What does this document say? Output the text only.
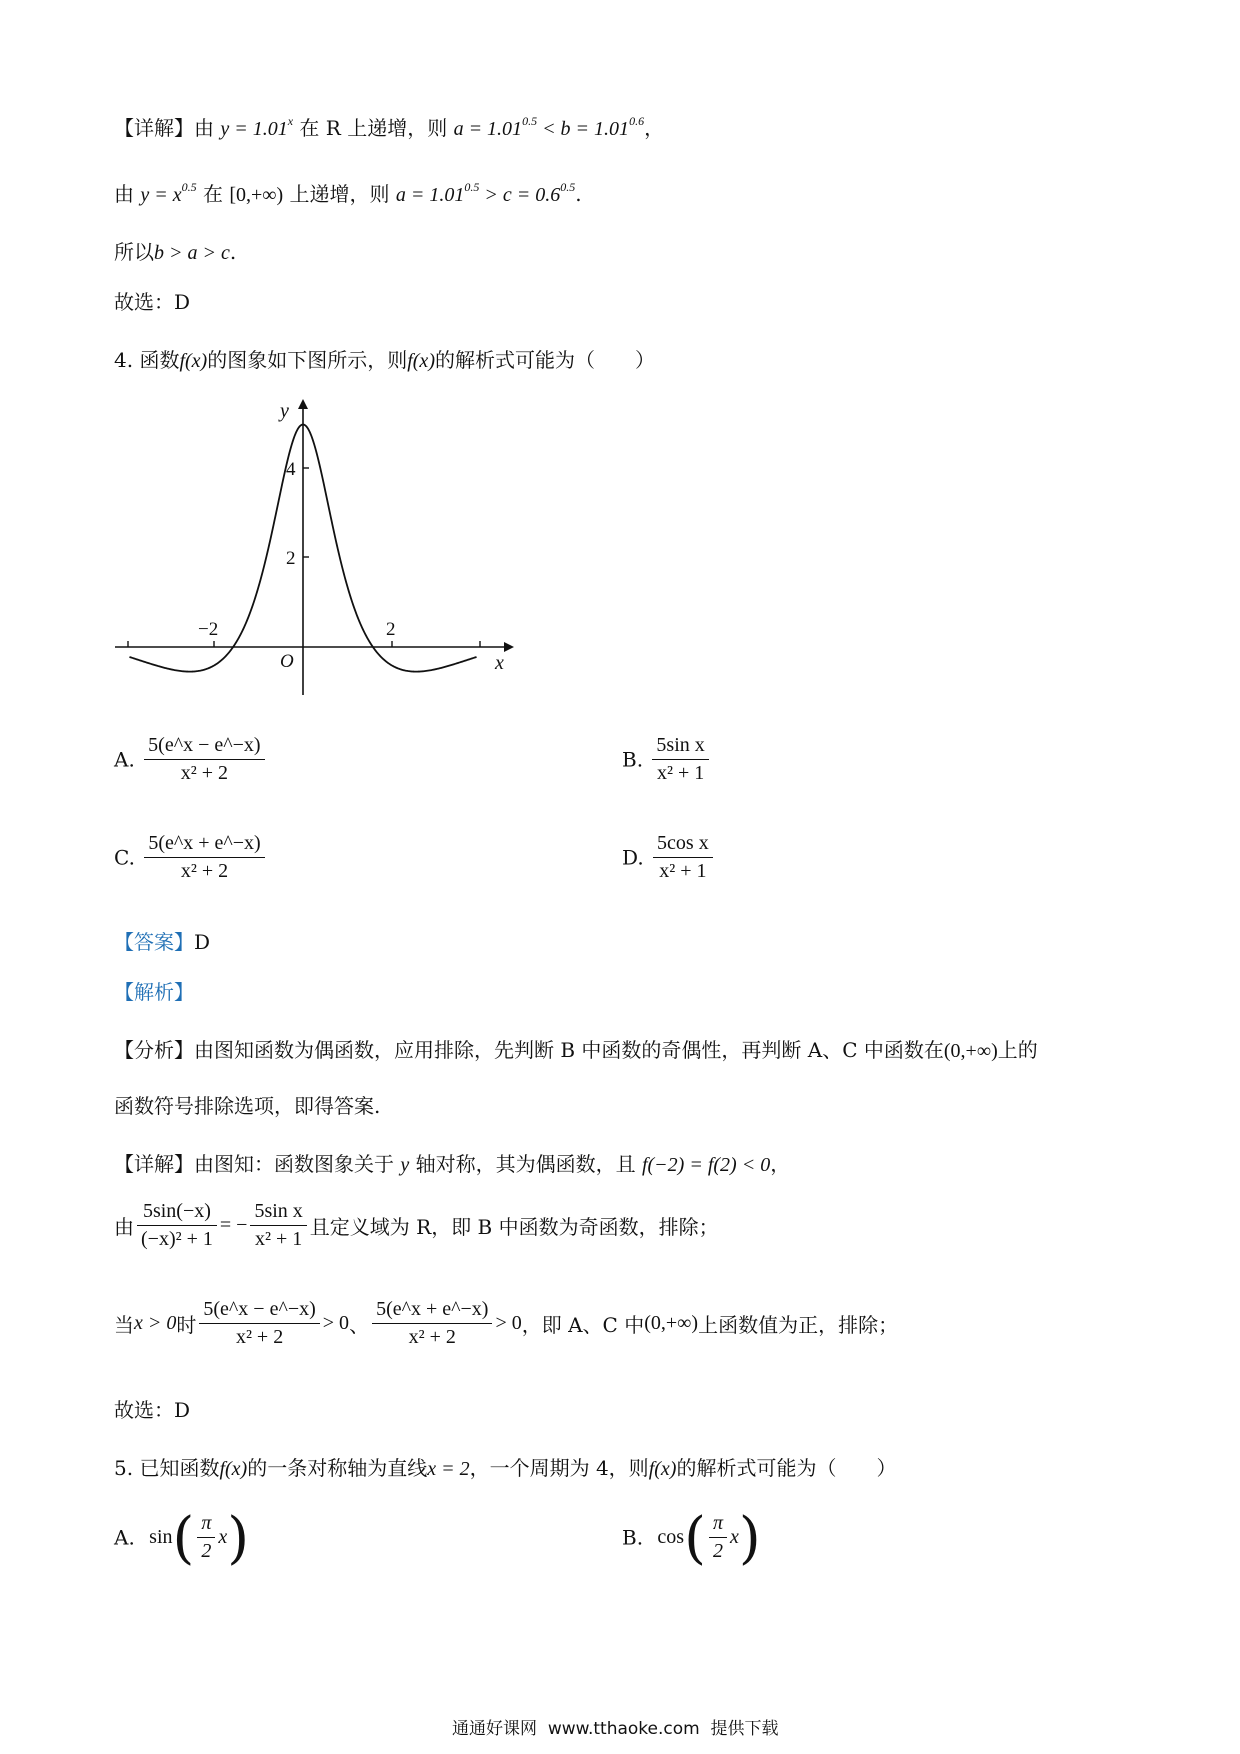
【详解】由 $y = 1.01^x$ 在 R 上递增，则 $a = 1.01^{0.5} < b = 1.01^{0.6}$，
由 $y = x^{0.5}$ 在 [0,+∞) 上递增，则 $a = 1.01^{0.5} > c = 0.6^{0.5}$.
所以b > a > c.
故选：D
4. 函数f(x)的图象如下图所示，则f(x)的解析式可能为（　　）
y
x
O
4
2
−2	2
A. $\frac{5(e\^{}x - e\^{}-x)}{\text{x² + 2}}$	B. $\frac{\text{5sin x}}{\text{x² + 1}}$
C. $\frac{5(e\^{}x + e\^{}-x)}{\text{x² + 2}}$	D. $\frac{\text{5cos x}}{\text{x² + 1}}$
【答案】D
【解析】
【分析】由图知函数为偶函数，应用排除，先判断 B 中函数的奇偶性，再判断 A、C 中函数在(0,+∞)上的
函数符号排除选项，即得答案.
【详解】由图知：函数图象关于 y 轴对称，其为偶函数，且 f(−2) = f(2) < 0，
由 $\frac{5\sin(-x)}{\text{(−x)² + 1}}$ = − $\frac{\text{5sin x}}{\text{x² + 1}}$ 且定义域为 R，即 B 中函数为奇函数，排除；
当x > 0时 $\frac{5(e\^{}x - e\^{}-x)}{\text{x² + 2}} > 0$、 $\frac{5(e\^{}x + e\^{}-x)}{\text{x² + 2}} > 0$，即 A、C 中(0,+∞)上函数值为正，排除；
故选：D
5. 已知函数f(x)的一条对称轴为直线x = 2，一个周期为 4，则f(x)的解析式可能为（　　）
A. $\sin( \frac{\pi}{2} x)$	B. $\cos( \frac{\pi}{2} x)$
通通好课网 www.tthaoke.com 提供下载
